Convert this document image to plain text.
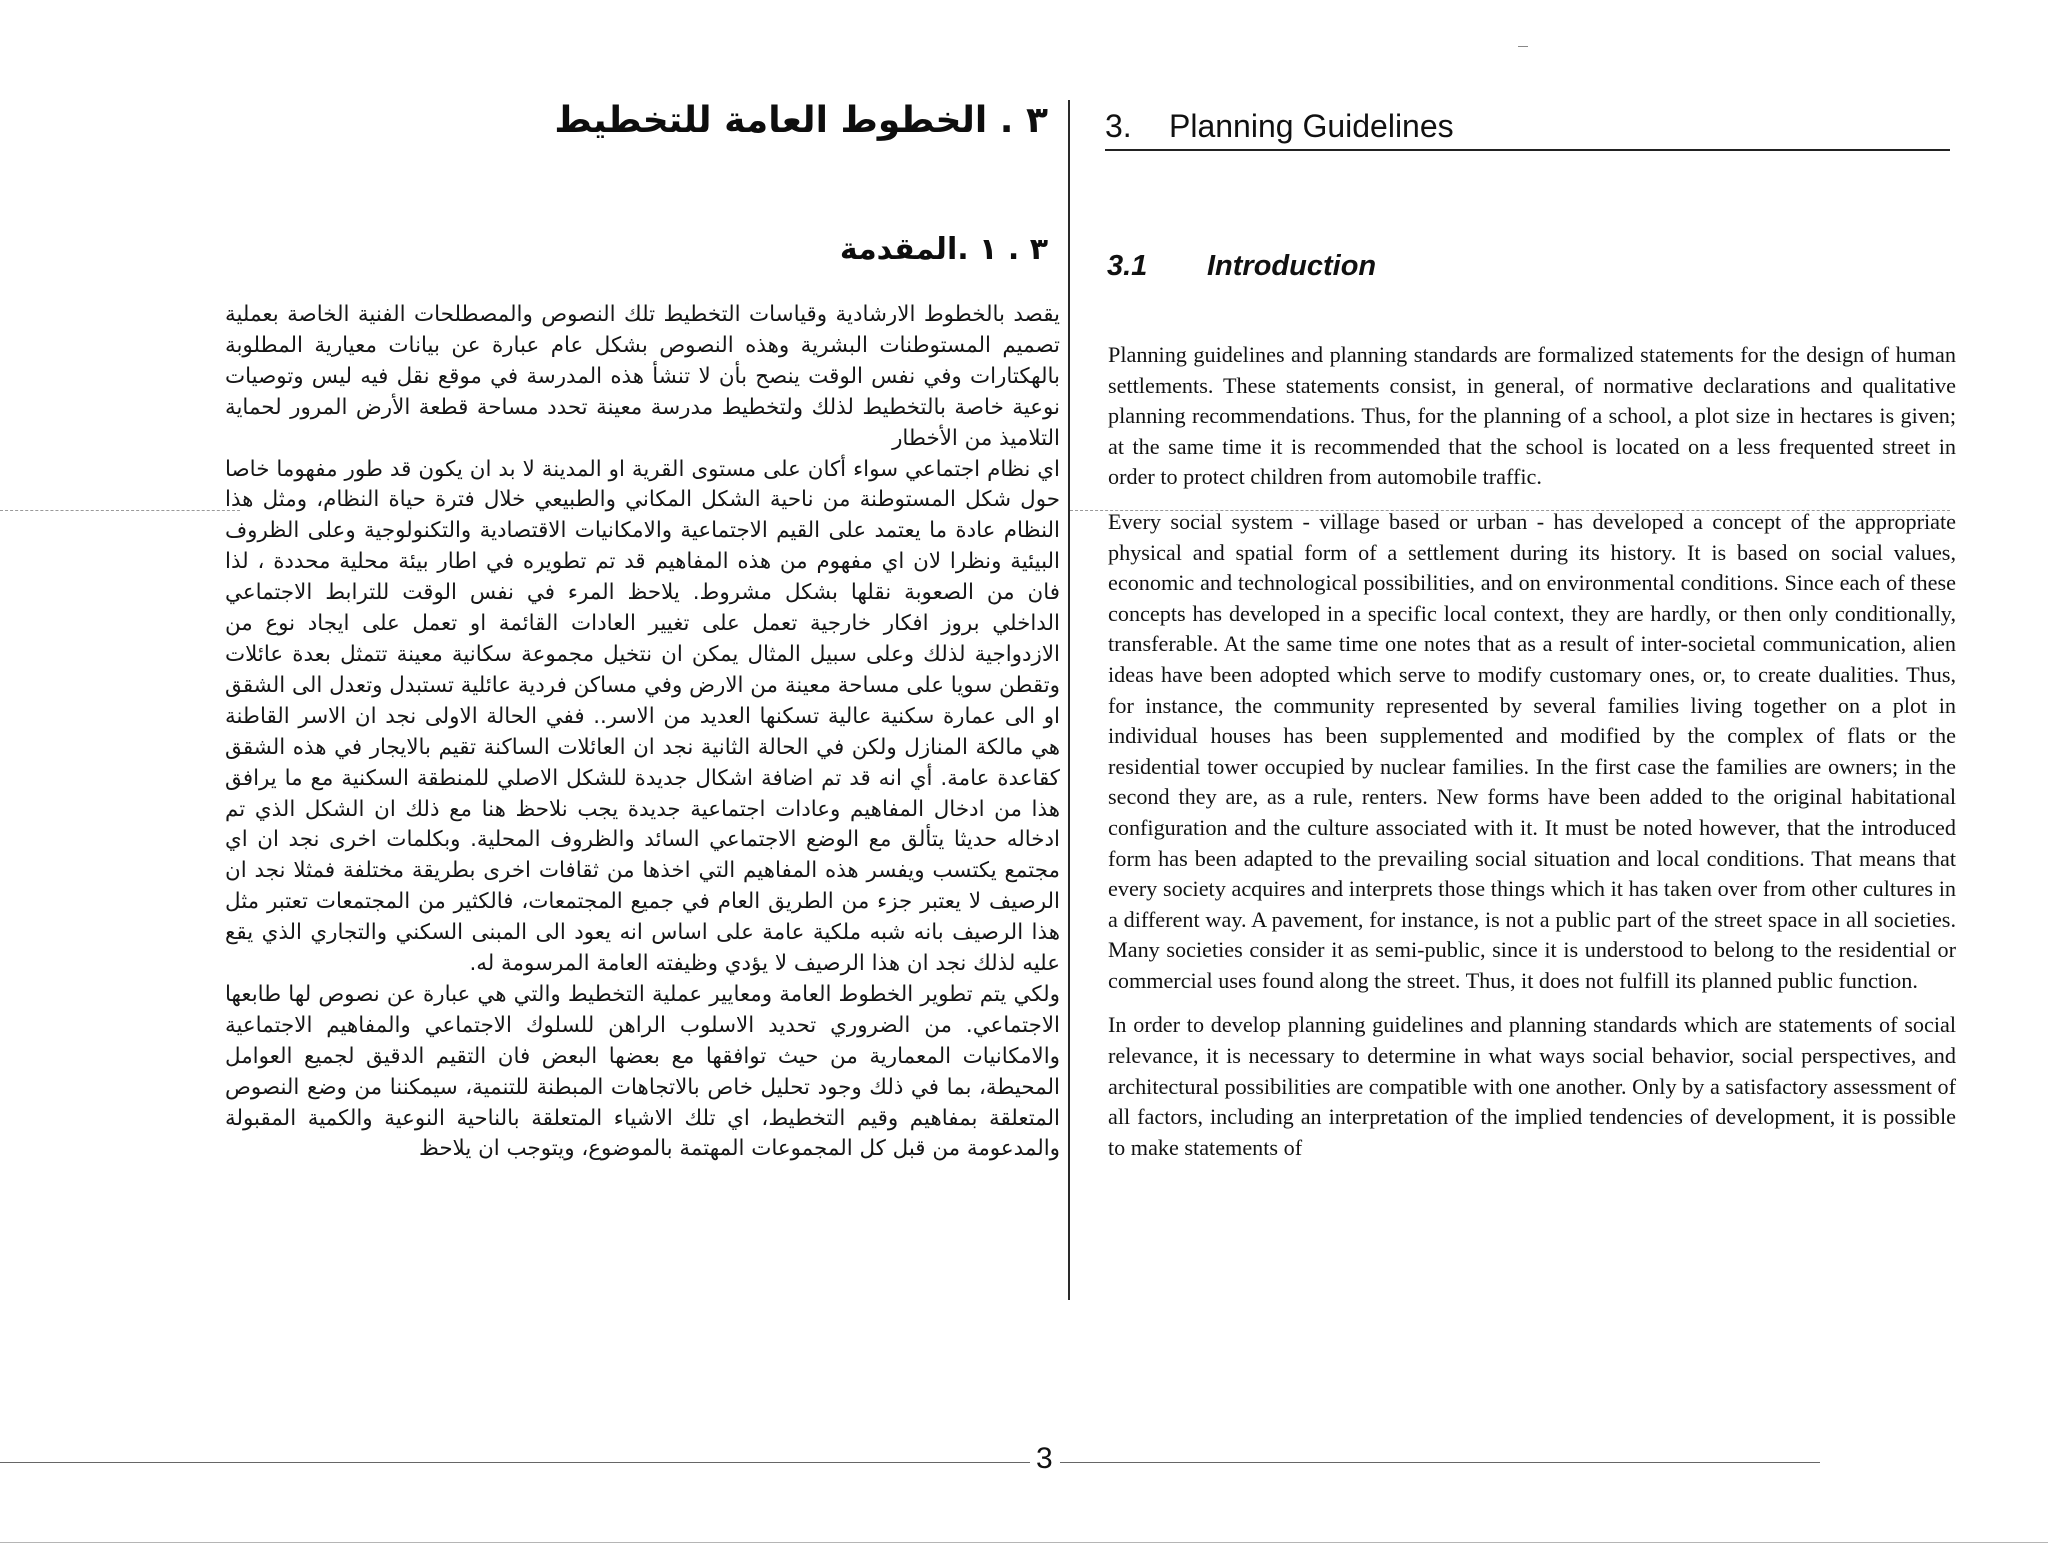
٣ . الخطوط العامة للتخطيط
٣ . ١ .المقدمة

يقصد بالخطوط الارشادية وقياسات التخطيط تلك النصوص والمصطلحات الفنية الخاصة بعملية تصميم المستوطنات البشرية وهذه النصوص بشكل عام عبارة عن بيانات معيارية المطلوبة بالهكتارات وفي نفس الوقت ينصح بأن لا تنشأ هذه المدرسة في موقع نقل فيه ليس وتوصيات نوعية خاصة بالتخطيط لذلك ولتخطيط مدرسة معينة تحدد مساحة قطعة الأرض المرور لحماية التلاميذ من الأخطار

اي نظام اجتماعي سواء أكان على مستوى القرية او المدينة لا بد ان يكون قد طور مفهوما خاصا حول شكل المستوطنة من ناحية الشكل المكاني والطبيعي خلال فترة حياة النظام، ومثل هذا النظام عادة ما يعتمد على القيم الاجتماعية والامكانيات الاقتصادية والتكنولوجية وعلى الظروف البيئية ونظرا لان اي مفهوم من هذه المفاهيم قد تم تطويره في اطار بيئة محلية محددة ، لذا فان من الصعوبة نقلها بشكل مشروط. يلاحظ المرء في نفس الوقت للترابط الاجتماعي الداخلي بروز افكار خارجية تعمل على تغيير العادات القائمة او تعمل على ايجاد نوع من الازدواجية لذلك وعلى سبيل المثال يمكن ان نتخيل مجموعة سكانية معينة تتمثل بعدة عائلات وتقطن سويا على مساحة معينة من الارض وفي مساكن فردية عائلية تستبدل وتعدل الى الشقق او الى عمارة سكنية عالية تسكنها العديد من الاسر.. ففي الحالة الاولى نجد ان الاسر القاطنة هي مالكة المنازل ولكن في الحالة الثانية نجد ان العائلات الساكنة تقيم بالايجار في هذه الشقق كقاعدة عامة. أي انه قد تم اضافة اشكال جديدة للشكل الاصلي للمنطقة السكنية مع ما يرافق هذا من ادخال المفاهيم وعادات اجتماعية جديدة يجب نلاحظ هنا مع ذلك ان الشكل الذي تم ادخاله حديثا يتألق مع الوضع الاجتماعي السائد والظروف المحلية. وبكلمات اخرى نجد ان اي مجتمع يكتسب ويفسر هذه المفاهيم التي اخذها من ثقافات اخرى بطريقة مختلفة فمثلا نجد ان الرصيف لا يعتبر جزء من الطريق العام في جميع المجتمعات، فالكثير من المجتمعات تعتبر مثل هذا الرصيف بانه شبه ملكية عامة على اساس انه يعود الى المبنى السكني والتجاري الذي يقع عليه لذلك نجد ان هذا الرصيف لا يؤدي وظيفته العامة المرسومة له.

ولكي يتم تطوير الخطوط العامة ومعايير عملية التخطيط والتي هي عبارة عن نصوص لها طابعها الاجتماعي. من الضروري تحديد الاسلوب الراهن للسلوك الاجتماعي والمفاهيم الاجتماعية والامكانيات المعمارية من حيث توافقها مع بعضها البعض فان التقيم الدقيق لجميع العوامل المحيطة، بما في ذلك وجود تحليل خاص بالاتجاهات المبطنة للتنمية، سيمكننا من وضع النصوص المتعلقة بمفاهيم وقيم التخطيط، اي تلك الاشياء المتعلقة بالناحية النوعية والكمية المقبولة والمدعومة من قبل كل المجموعات المهتمة بالموضوع، ويتوجب ان يلاحظ

3. Planning Guidelines
3.1 Introduction

Planning guidelines and planning standards are formalized statements for the design of human settlements. These statements consist, in general, of normative declarations and qualitative planning recommendations. Thus, for the planning of a school, a plot size in hectares is given; at the same time it is recommended that the school is located on a less frequented street in order to protect children from automobile traffic.

Every social system - village based or urban - has developed a concept of the appropriate physical and spatial form of a settlement during its history. It is based on social values, economic and technological possibilities, and on environmental conditions. Since each of these concepts has developed in a specific local context, they are hardly, or then only conditionally, transferable. At the same time one notes that as a result of inter-societal communication, alien ideas have been adopted which serve to modify customary ones, or, to create dualities. Thus, for instance, the community represented by several families living together on a plot in individual houses has been supplemented and modified by the complex of flats or the residential tower occupied by nuclear families. In the first case the families are owners; in the second they are, as a rule, renters. New forms have been added to the original habitational configuration and the culture associated with it. It must be noted however, that the introduced form has been adapted to the prevailing social situation and local conditions. That means that every society acquires and interprets those things which it has taken over from other cultures in a different way. A pavement, for instance, is not a public part of the street space in all societies. Many societies consider it as semi-public, since it is understood to belong to the residential or commercial uses found along the street. Thus, it does not fulfill its planned public function.

In order to develop planning guidelines and planning standards which are statements of social relevance, it is necessary to determine in what ways social behavior, social perspectives, and architectural possibilities are compatible with one another. Only by a satisfactory assessment of all factors, including an interpretation of the implied tendencies of development, it is possible to make statements of

3
